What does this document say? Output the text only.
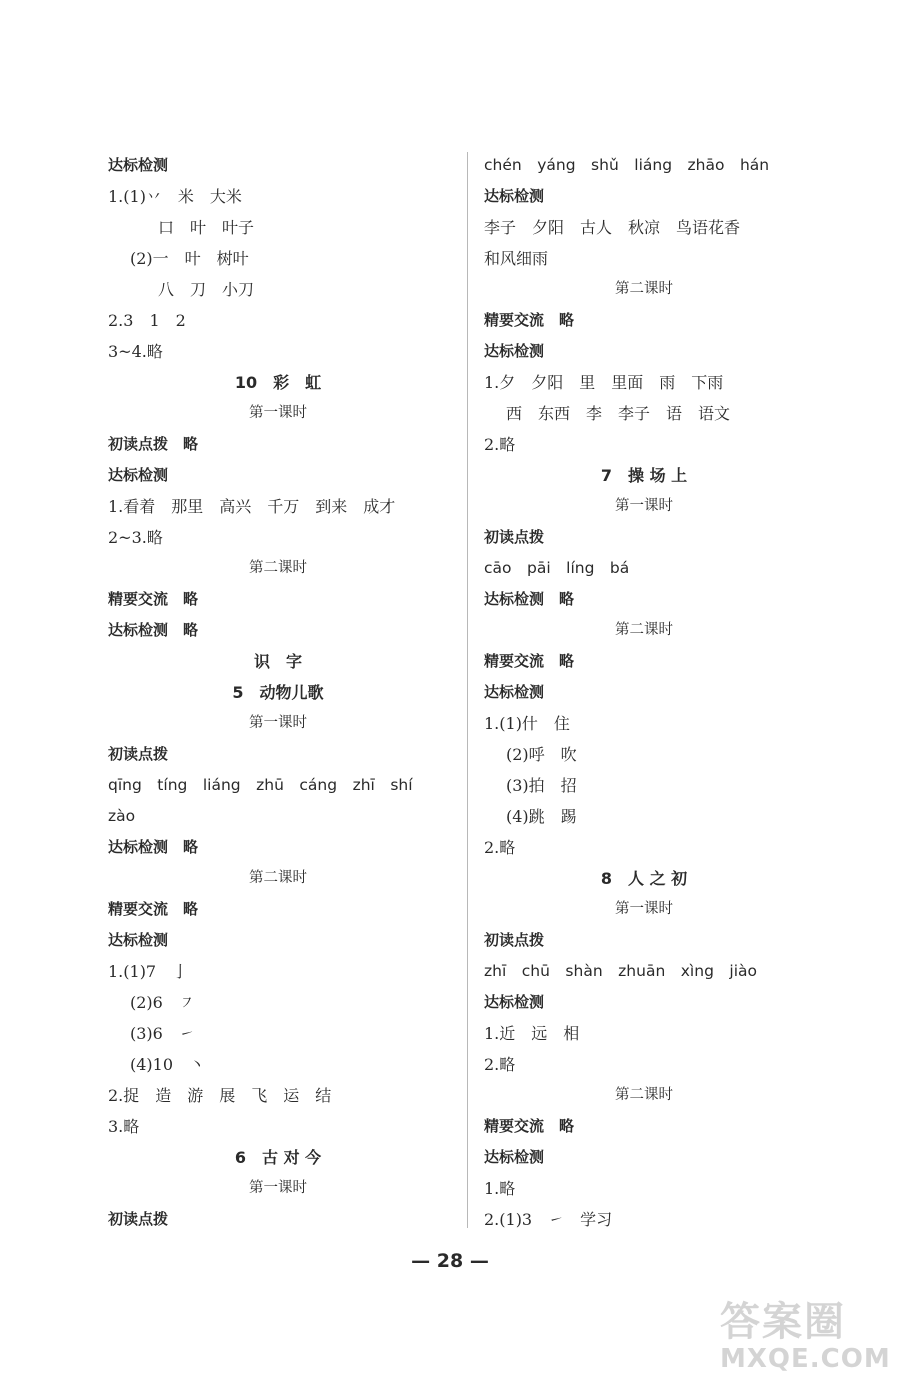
达标检测
1.(1)丷　米　大米
口　叶　叶子
(2)一　叶　树叶
八　刀　小刀
2.3　1　2
3~4.略
10　彩　虹
第一课时
初读点拨　略
达标检测
1.看着　那里　高兴　千万　到来　成才
2~3.略
第二课时
精要交流　略
达标检测　略
识　字
5　动物儿歌
第一课时
初读点拨
qīng　tíng　liáng　zhū　cáng　zhī　shí
zào
达标检测　略
第二课时
精要交流　略
达标检测
1.(1)7　亅
(2)6　㇇
(3)6　㇀
(4)10　丶
2.捉　造　游　展　飞　运　结
3.略
6　古 对 今
第一课时
初读点拨
chén　yáng　shǔ　liáng　zhāo　hán
达标检测
李子　夕阳　古人　秋凉　鸟语花香
和风细雨
第二课时
精要交流　略
达标检测
1.夕　夕阳　里　里面　雨　下雨
西　东西　李　李子　语　语文
2.略
7　操 场 上
第一课时
初读点拨
cāo　pāi　líng　bá
达标检测　略
第二课时
精要交流　略
达标检测
1.(1)什　住
(2)呼　吹
(3)拍　招
(4)跳　踢
2.略
8　人 之 初
第一课时
初读点拨
zhī　chū　shàn　zhuān　xìng　jiào
达标检测
1.近　远　相
2.略
第二课时
精要交流　略
达标检测
1.略
2.(1)3　㇀　学习
— 28 —
答案圈
MXQE.COM
